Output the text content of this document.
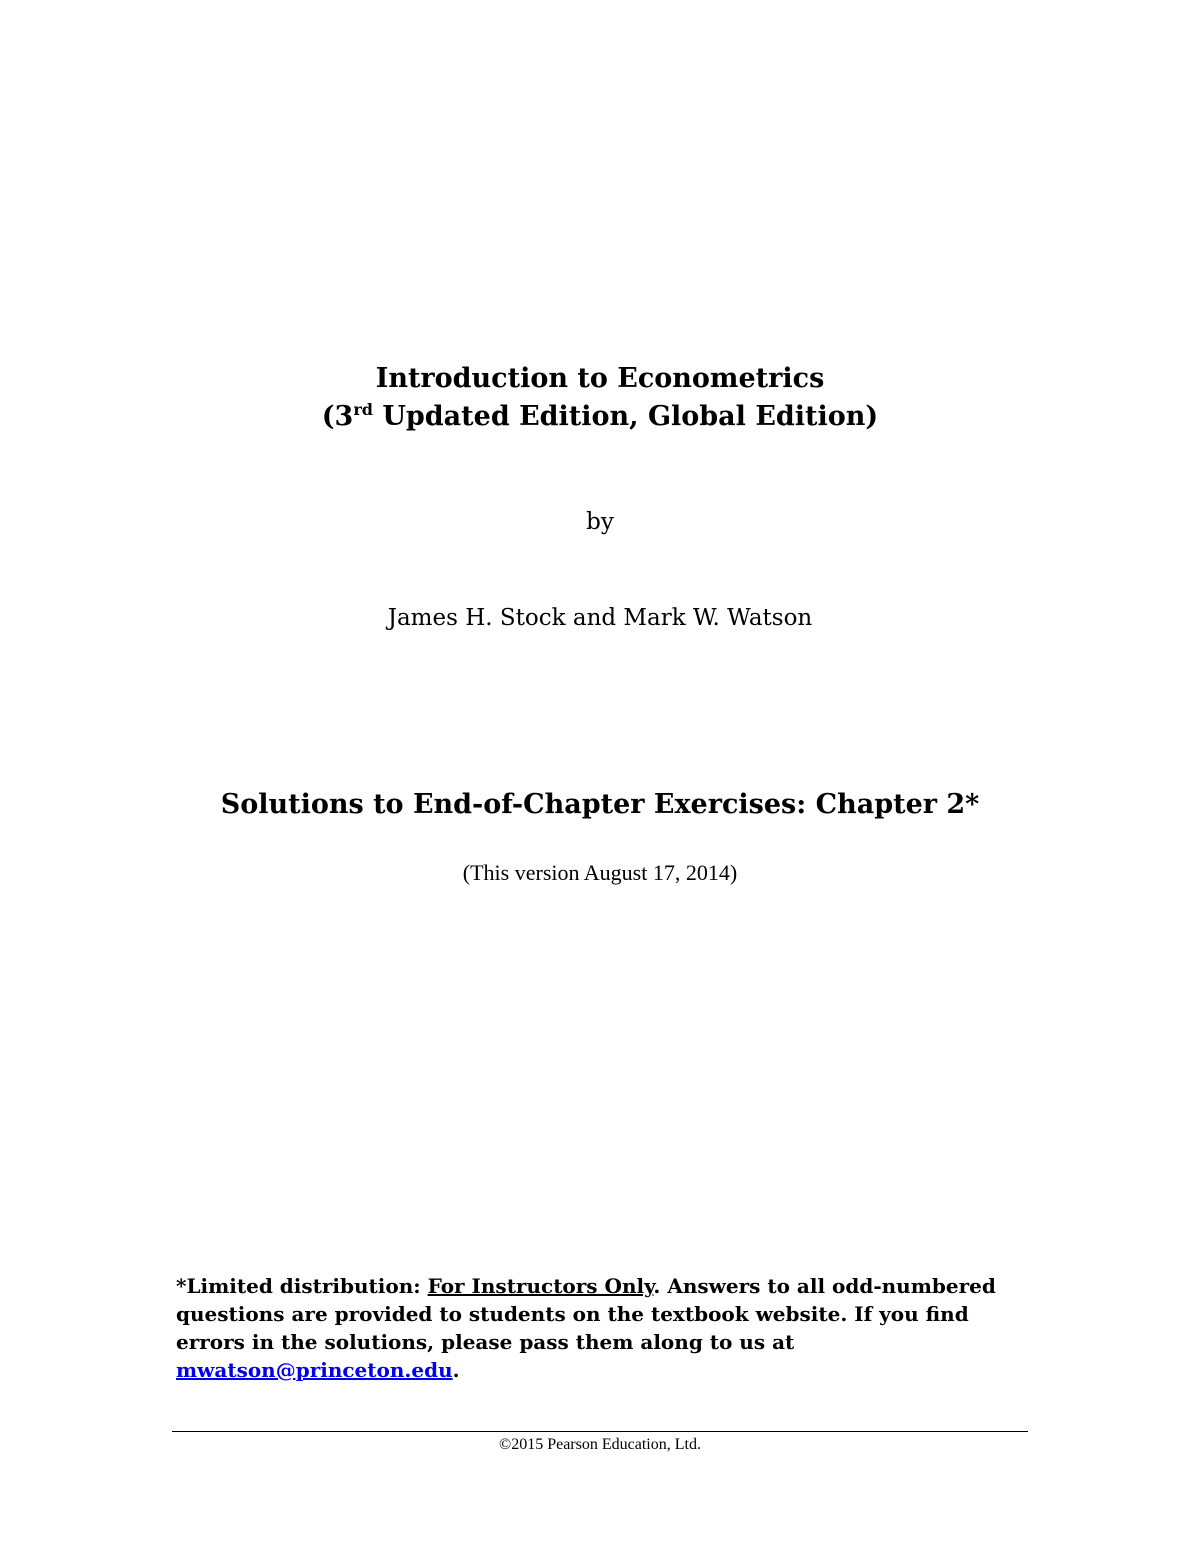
Introduction to Econometrics
(3rd Updated Edition, Global Edition)
by
James H. Stock and Mark W. Watson
Solutions to End-of-Chapter Exercises: Chapter 2*
(This version August 17, 2014)
*Limited distribution: For Instructors Only. Answers to all odd-numbered questions are provided to students on the textbook website. If you find errors in the solutions, please pass them along to us at mwatson@princeton.edu.
©2015 Pearson Education, Ltd.
